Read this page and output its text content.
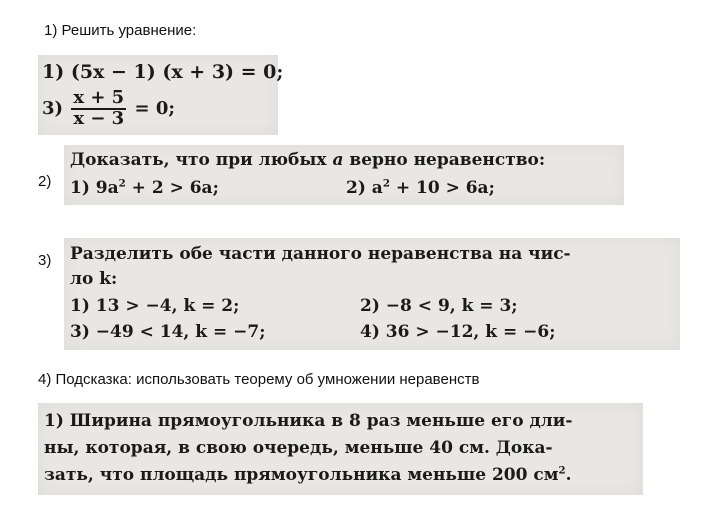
1) Решить уравнение:
1) (5x − 1) (x + 3) = 0;
$3) \frac{x + 5}{x - 3} = 0$;
2)
Доказать, что при любых a верно неравенство:
1) $9a^2 + 2 > 6a$;	2) $a^2 + 10 > 6a$;
3) Разделить обе части данного неравенства на чис-
ло k:
1) 13 > −4, k = 2;	2) −8 < 9, k = 3;
3) −49 < 14, k = −7;	4) 36 > −12, k = −6;
4) Подсказка: использовать теорему об умножении неравенств
1) Ширина прямоугольника в 8 раз меньше его дли-
ны, которая, в свою очередь, меньше 40 см. Дока-
зать, что площадь прямоугольника меньше 200 $см^2$.
